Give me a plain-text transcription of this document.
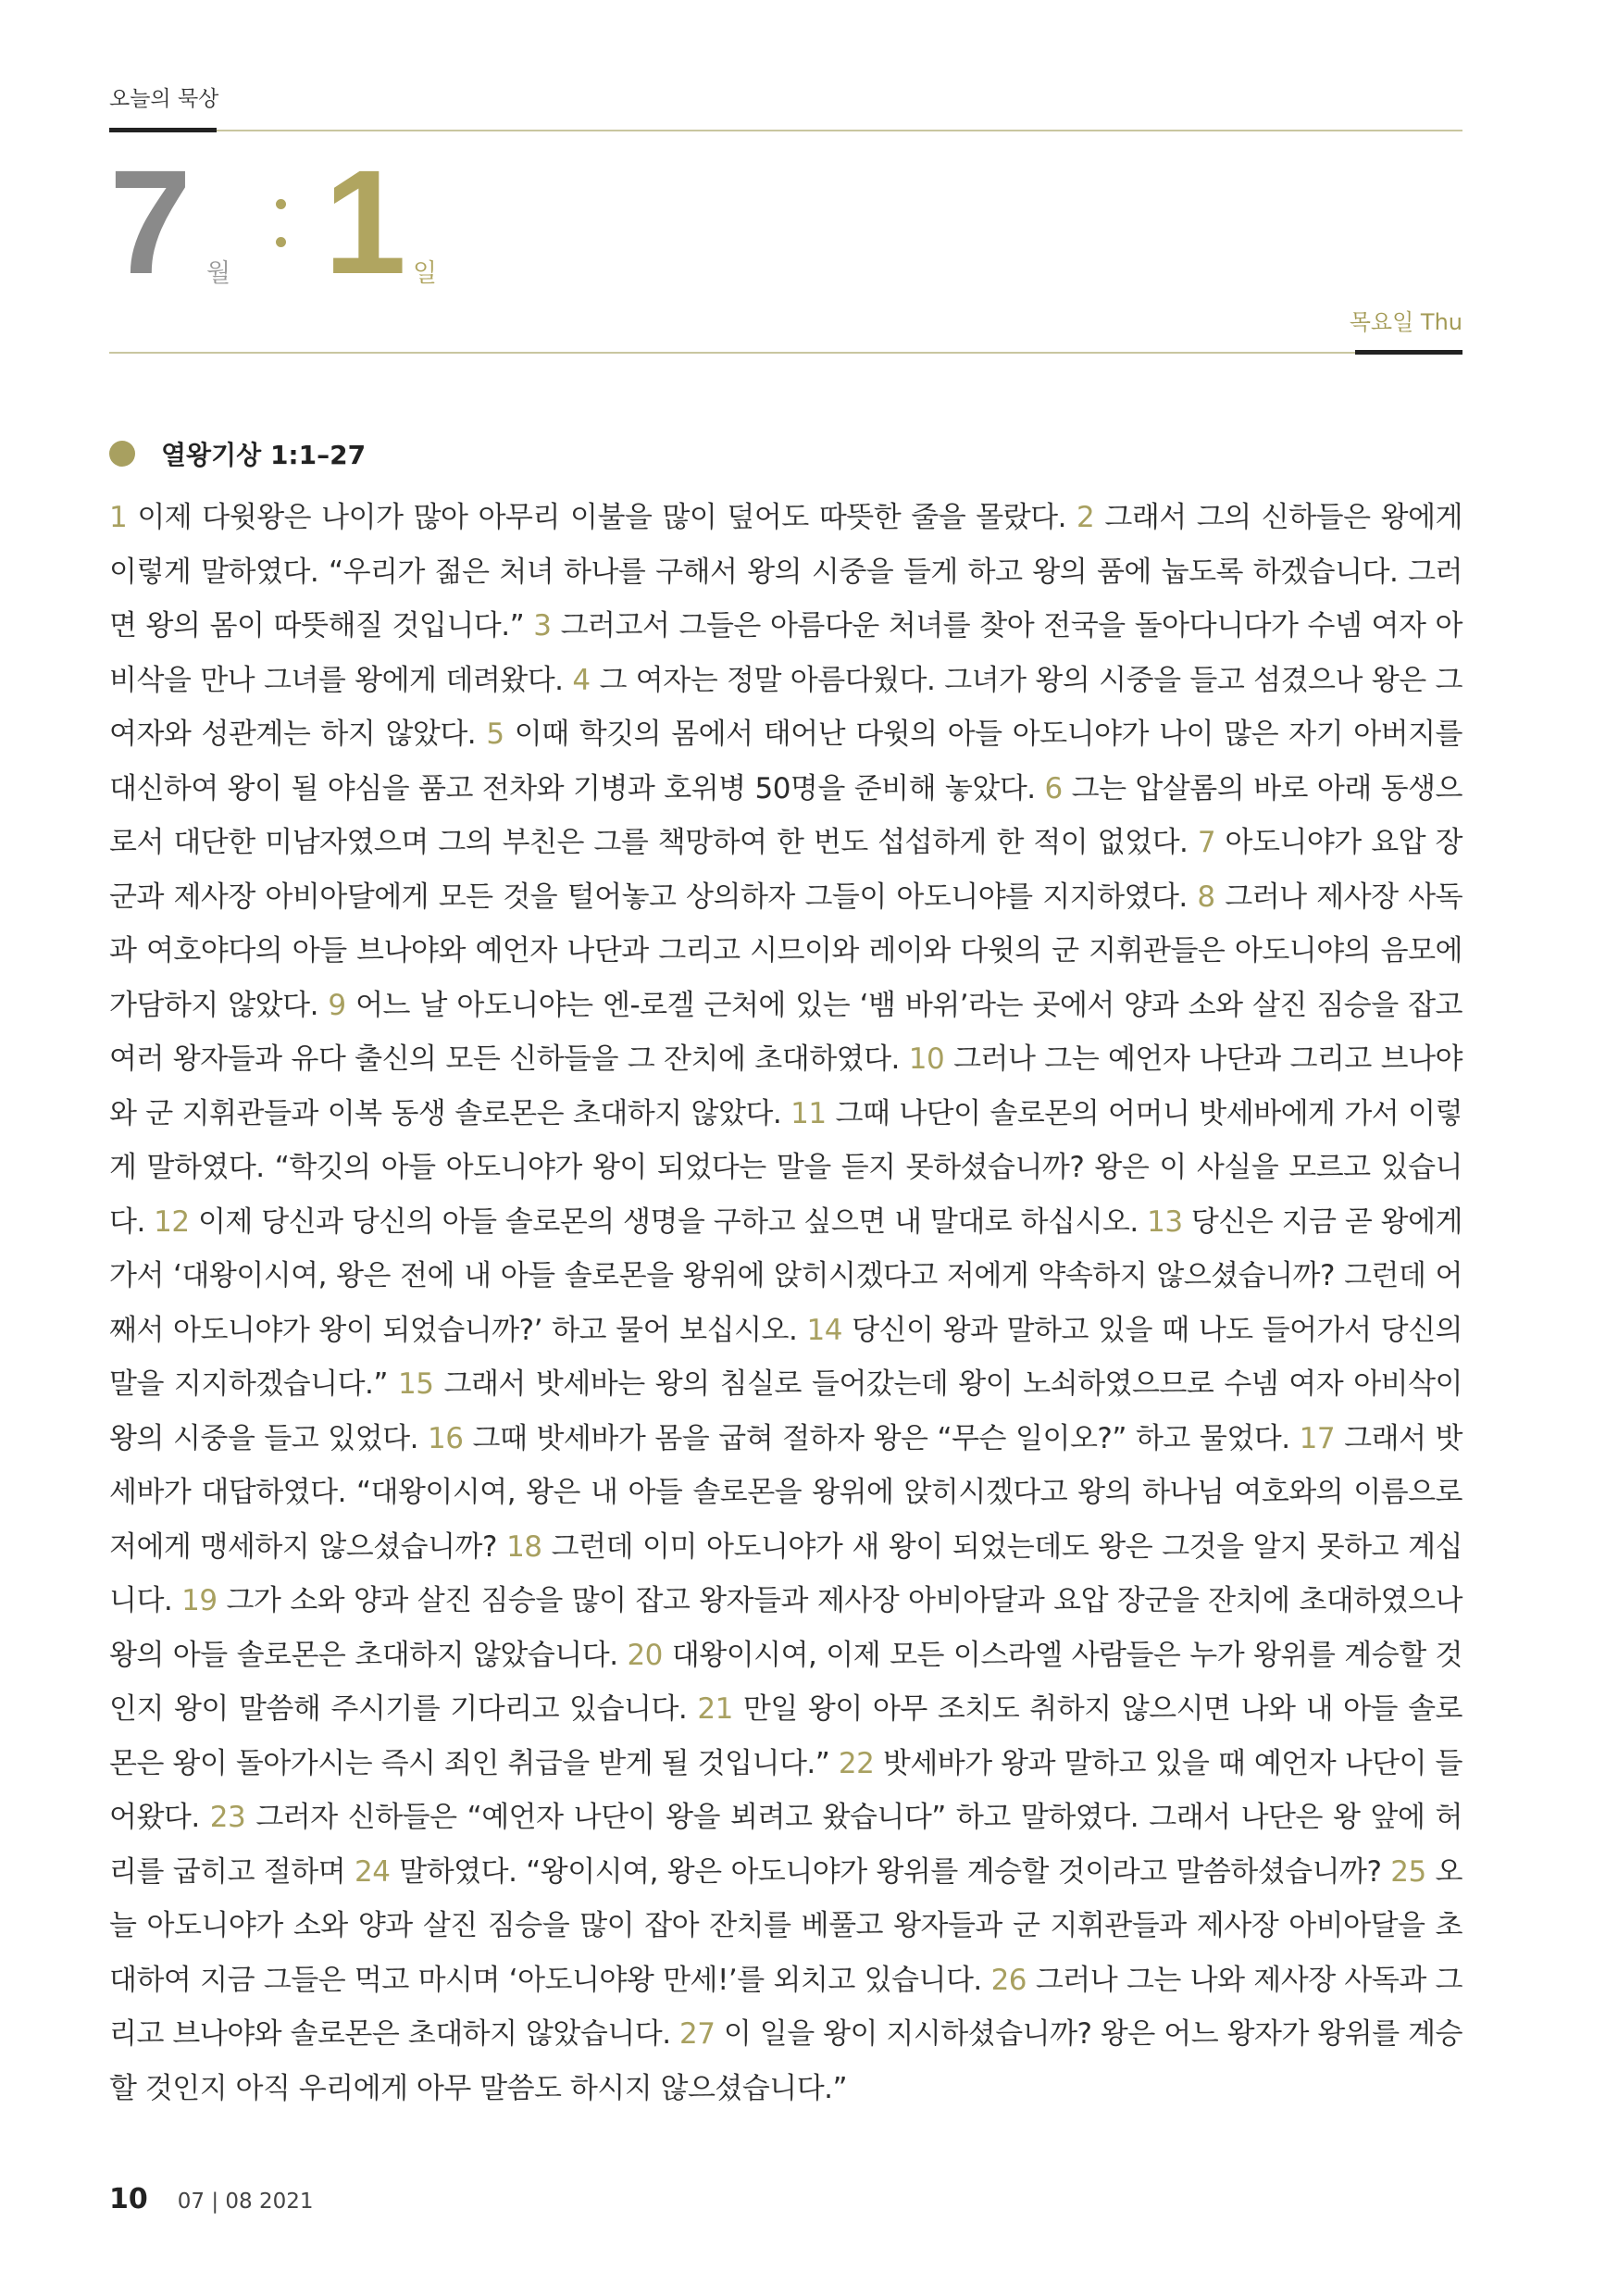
오늘의 묵상
7 월 1 일
목요일 Thu
열왕기상 1:1–27
1 이제 다윗왕은 나이가 많아 아무리 이불을 많이 덮어도 따뜻한 줄을 몰랐다. 2 그래서 그의 신하들은 왕에게 이렇게 말하였다. “우리가 젊은 처녀 하나를 구해서 왕의 시중을 들게 하고 왕의 품에 눕도록 하겠습니다. 그러면 왕의 몸이 따뜻해질 것입니다.” 3 그러고서 그들은 아름다운 처녀를 찾아 전국을 돌아다니다가 수넴 여자 아비삭을 만나 그녀를 왕에게 데려왔다. 4 그 여자는 정말 아름다웠다. 그녀가 왕의 시중을 들고 섬겼으나 왕은 그 여자와 성관계는 하지 않았다. 5 이때 학깃의 몸에서 태어난 다윗의 아들 아도니야가 나이 많은 자기 아버지를 대신하여 왕이 될 야심을 품고 전차와 기병과 호위병 50명을 준비해 놓았다. 6 그는 압살롬의 바로 아래 동생으로서 대단한 미남자였으며 그의 부친은 그를 책망하여 한 번도 섭섭하게 한 적이 없었다. 7 아도니야가 요압 장군과 제사장 아비아달에게 모든 것을 털어놓고 상의하자 그들이 아도니야를 지지하였다. 8 그러나 제사장 사독과 여호야다의 아들 브나야와 예언자 나단과 그리고 시므이와 레이와 다윗의 군 지휘관들은 아도니야의 음모에 가담하지 않았다. 9 어느 날 아도니야는 엔-로겔 근처에 있는 ‘뱀 바위’라는 곳에서 양과 소와 살진 짐승을 잡고 여러 왕자들과 유다 출신의 모든 신하들을 그 잔치에 초대하였다. 10 그러나 그는 예언자 나단과 그리고 브나야와 군 지휘관들과 이복 동생 솔로몬은 초대하지 않았다. 11 그때 나단이 솔로몬의 어머니 밧세바에게 가서 이렇게 말하였다. “학깃의 아들 아도니야가 왕이 되었다는 말을 듣지 못하셨습니까? 왕은 이 사실을 모르고 있습니다. 12 이제 당신과 당신의 아들 솔로몬의 생명을 구하고 싶으면 내 말대로 하십시오. 13 당신은 지금 곧 왕에게 가서 ‘대왕이시여, 왕은 전에 내 아들 솔로몬을 왕위에 앉히시겠다고 저에게 약속하지 않으셨습니까? 그런데 어째서 아도니야가 왕이 되었습니까?’ 하고 물어 보십시오. 14 당신이 왕과 말하고 있을 때 나도 들어가서 당신의 말을 지지하겠습니다.” 15 그래서 밧세바는 왕의 침실로 들어갔는데 왕이 노쇠하였으므로 수넴 여자 아비삭이 왕의 시중을 들고 있었다. 16 그때 밧세바가 몸을 굽혀 절하자 왕은 “무슨 일이오?” 하고 물었다. 17 그래서 밧세바가 대답하였다. “대왕이시여, 왕은 내 아들 솔로몬을 왕위에 앉히시겠다고 왕의 하나님 여호와의 이름으로 저에게 맹세하지 않으셨습니까? 18 그런데 이미 아도니야가 새 왕이 되었는데도 왕은 그것을 알지 못하고 계십니다. 19 그가 소와 양과 살진 짐승을 많이 잡고 왕자들과 제사장 아비아달과 요압 장군을 잔치에 초대하였으나 왕의 아들 솔로몬은 초대하지 않았습니다. 20 대왕이시여, 이제 모든 이스라엘 사람들은 누가 왕위를 계승할 것인지 왕이 말씀해 주시기를 기다리고 있습니다. 21 만일 왕이 아무 조치도 취하지 않으시면 나와 내 아들 솔로몬은 왕이 돌아가시는 즉시 죄인 취급을 받게 될 것입니다.” 22 밧세바가 왕과 말하고 있을 때 예언자 나단이 들어왔다. 23 그러자 신하들은 “예언자 나단이 왕을 뵈려고 왔습니다” 하고 말하였다. 그래서 나단은 왕 앞에 허리를 굽히고 절하며 24 말하였다. “왕이시여, 왕은 아도니야가 왕위를 계승할 것이라고 말씀하셨습니까? 25 오늘 아도니야가 소와 양과 살진 짐승을 많이 잡아 잔치를 베풀고 왕자들과 군 지휘관들과 제사장 아비아달을 초대하여 지금 그들은 먹고 마시며 ‘아도니야왕 만세!’를 외치고 있습니다. 26 그러나 그는 나와 제사장 사독과 그리고 브나야와 솔로몬은 초대하지 않았습니다. 27 이 일을 왕이 지시하셨습니까? 왕은 어느 왕자가 왕위를 계승할 것인지 아직 우리에게 아무 말씀도 하시지 않으셨습니다.”
10 07 | 08 2021
